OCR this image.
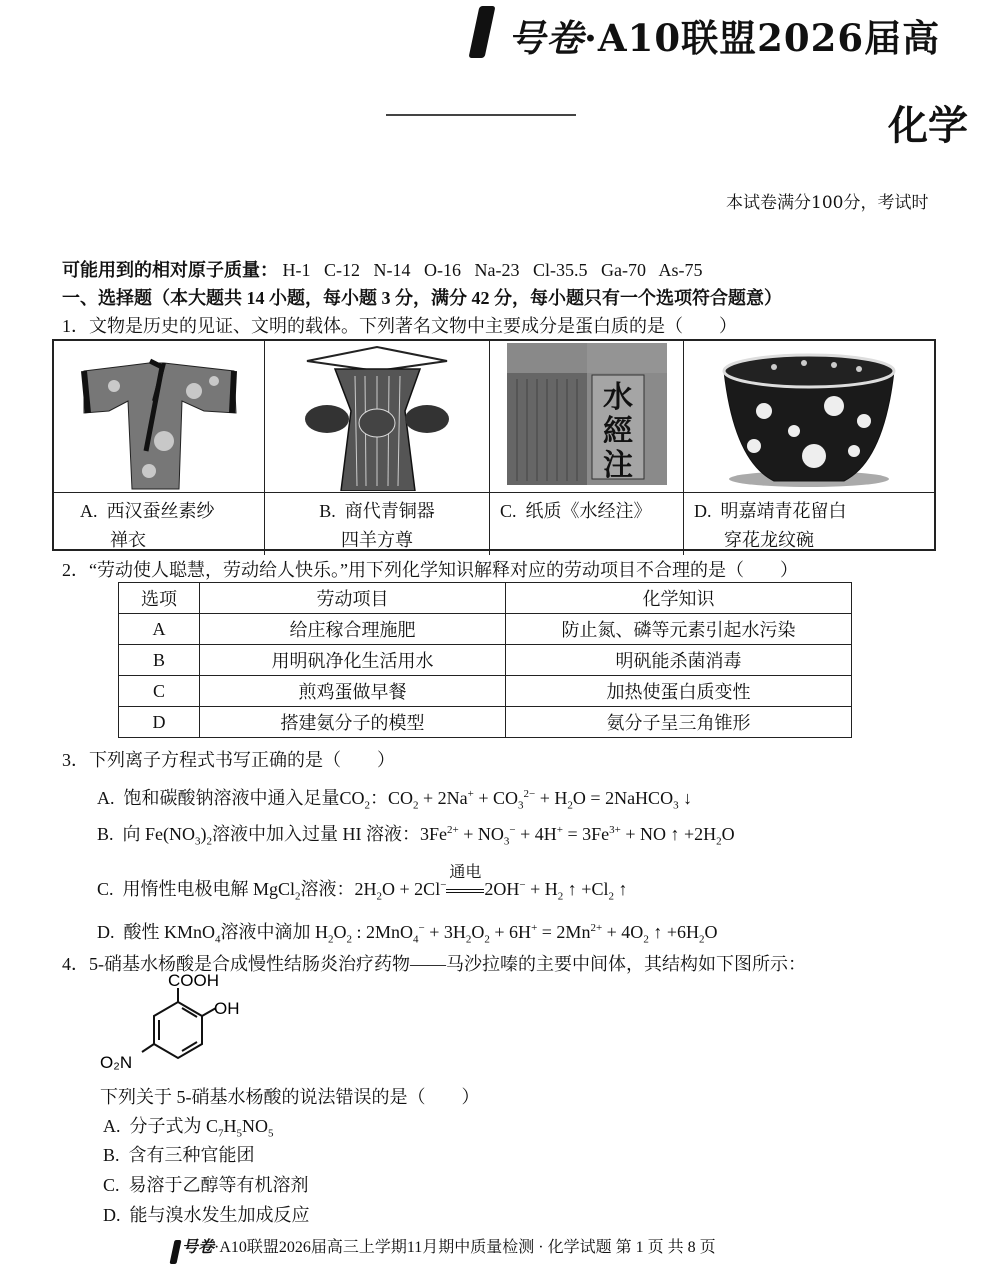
号卷·A10联盟2026届高
化学
本试卷满分100分，考试时
可能用到的相对原子质量： H-1 C-12 N-14 O-16 Na-23 Cl-35.5 Ga-70 As-75
一、选择题（本大题共 14 小题，每小题 3 分，满分 42 分，每小题只有一个选项符合题意）
1．文物是历史的见证、文明的载体。下列著名文物中主要成分是蛋白质的是（　　）
水
經
注
A. 西汉蚕丝素纱
禅衣
B. 商代青铜器
四羊方尊
C. 纸质《水经注》	D. 明嘉靖青花留白
穿花龙纹碗
2．“劳动使人聪慧，劳动给人快乐。”用下列化学知识解释对应的劳动项目不合理的是（　　）
选项	劳动项目	化学知识
A	给庄稼合理施肥	防止氮、磷等元素引起水污染
B	用明矾净化生活用水	明矾能杀菌消毒
C	煎鸡蛋做早餐	加热使蛋白质变性
D	搭建氨分子的模型	氨分子呈三角锥形
3．下列离子方程式书写正确的是（　　）
A. 饱和碳酸钠溶液中通入足量$CO_2$：$CO_2 + 2Na^+ + CO_3^{2-} + H_2O$ = 2NaHCO$_3$ ↓
B. 向 $Fe(NO_3)_2$溶液中加入过量 HI 溶液：$3Fe^{2+} + NO_3^- + 4H^+ = 3Fe^{3+}$ + NO ↑ $+2H_2O$
C. 用惰性电极电解 MgCl$_2$溶液：$2H_2O + 2Cl^-$
通电
$2OH^- + H_2$ ↑ $+Cl_2$ ↑
D. 酸性 KMnO$_4$溶液中滴加 $H_2O_2$ : $2MnO_4^- + 3H_2O_2 + 6H^+ = 2Mn^{2+} + 4O_2$ ↑ $+6H_2O$
4．5-硝基水杨酸是合成慢性结肠炎治疗药物——马沙拉嗪的主要中间体，其结构如下图所示：
COOH
OH
O₂N
下列关于 5-硝基水杨酸的说法错误的是（　　）
A. 分子式为 $C_7H_5NO_5$
B. 含有三种官能团
C. 易溶于乙醇等有机溶剂
D. 能与溴水发生加成反应
号卷·A10联盟2026届高三上学期11月期中质量检测 · 化学试题 第 1 页 共 8 页
